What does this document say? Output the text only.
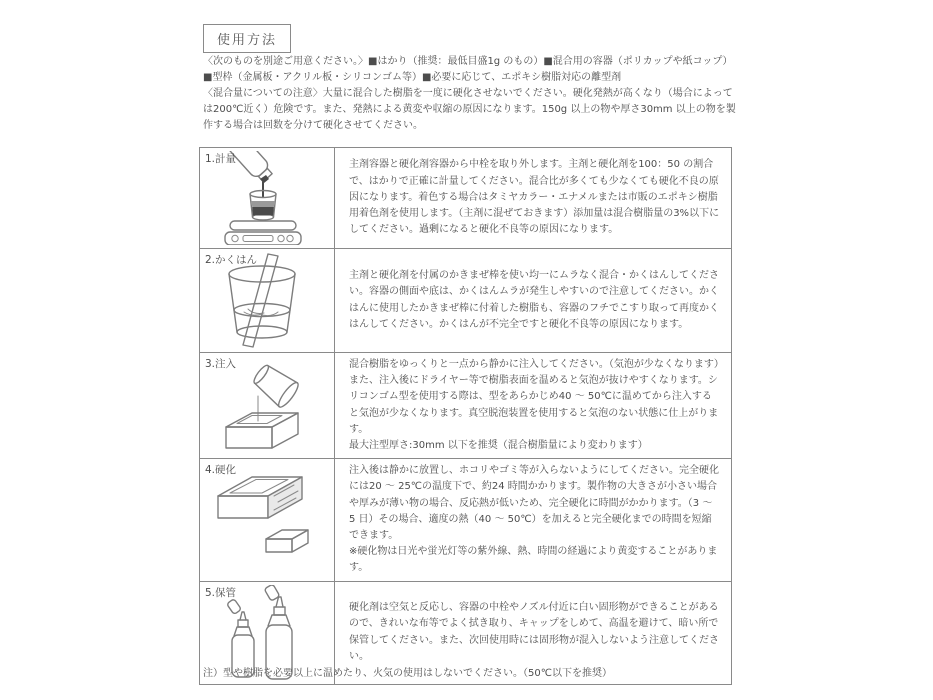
使用方法

〈次のものを別途ご用意ください。〉■はかり（推奨：最低目盛1g のもの）■混合用の容器（ポリカップや紙コップ）

■型枠（金属板・アクリル板・シリコンゴム等）■必要に応じて、エポキシ樹脂対応の離型剤

〈混合量についての注意〉大量に混合した樹脂を一度に硬化させないでください。硬化発熱が高くなり（場合によっては200℃近く）危険です。また、発熱による黄変や収縮の原因になります。150g 以上の物や厚さ30mm 以上の物を製作する場合は回数を分けて硬化させてください。

1.計量	主剤容器と硬化剤容器から中栓を取り外します。主剤と硬化剤を100：50 の割合で、はかりで正確に計量してください。混合比が多くても少なくても硬化不良の原因になります。着色する場合はタミヤカラー・エナメルまたは市販のエポキシ樹脂用着色剤を使用します。（主剤に混ぜておきます）添加量は混合樹脂量の3%以下にしてください。過剰になると硬化不良等の原因になります。

2.かくはん	主剤と硬化剤を付属のかきまぜ棒を使い均一にムラなく混合・かくはんしてください。容器の側面や底は、かくはんムラが発生しやすいので注意してください。かくはんに使用したかきまぜ棒に付着した樹脂も、容器のフチでこすり取って再度かくはんしてください。かくはんが不完全ですと硬化不良等の原因になります。

3.注入	混合樹脂をゆっくりと一点から静かに注入してください。（気泡が少なくなります）また、注入後にドライヤー等で樹脂表面を温めると気泡が抜けやすくなります。シリコンゴム型を使用する際は、型をあらかじめ40 ～ 50℃に温めてから注入すると気泡が少なくなります。真空脱泡装置を使用すると気泡のない状態に仕上がります。

最大注型厚さ:30mm 以下を推奨（混合樹脂量により変わります）

4.硬化	注入後は静かに放置し、ホコリやゴミ等が入らないようにしてください。完全硬化には20 ～ 25℃の温度下で、約24 時間かかります。製作物の大きさが小さい場合や厚みが薄い物の場合、反応熱が低いため、完全硬化に時間がかかります。（3 ～ 5 日）その場合、適度の熱（40 ～ 50℃）を加えると完全硬化までの時間を短縮できます。

※硬化物は日光や蛍光灯等の紫外線、熱、時間の経過により黄変することがあります。

5.保管	硬化剤は空気と反応し、容器の中栓やノズル付近に白い固形物ができることがあるので、きれいな布等でよく拭き取り、キャップをしめて、高温を避けて、暗い所で保管してください。また、次回使用時には固形物が混入しないよう注意してください。

注）型や樹脂を必要以上に温めたり、火気の使用はしないでください。（50℃以下を推奨）
